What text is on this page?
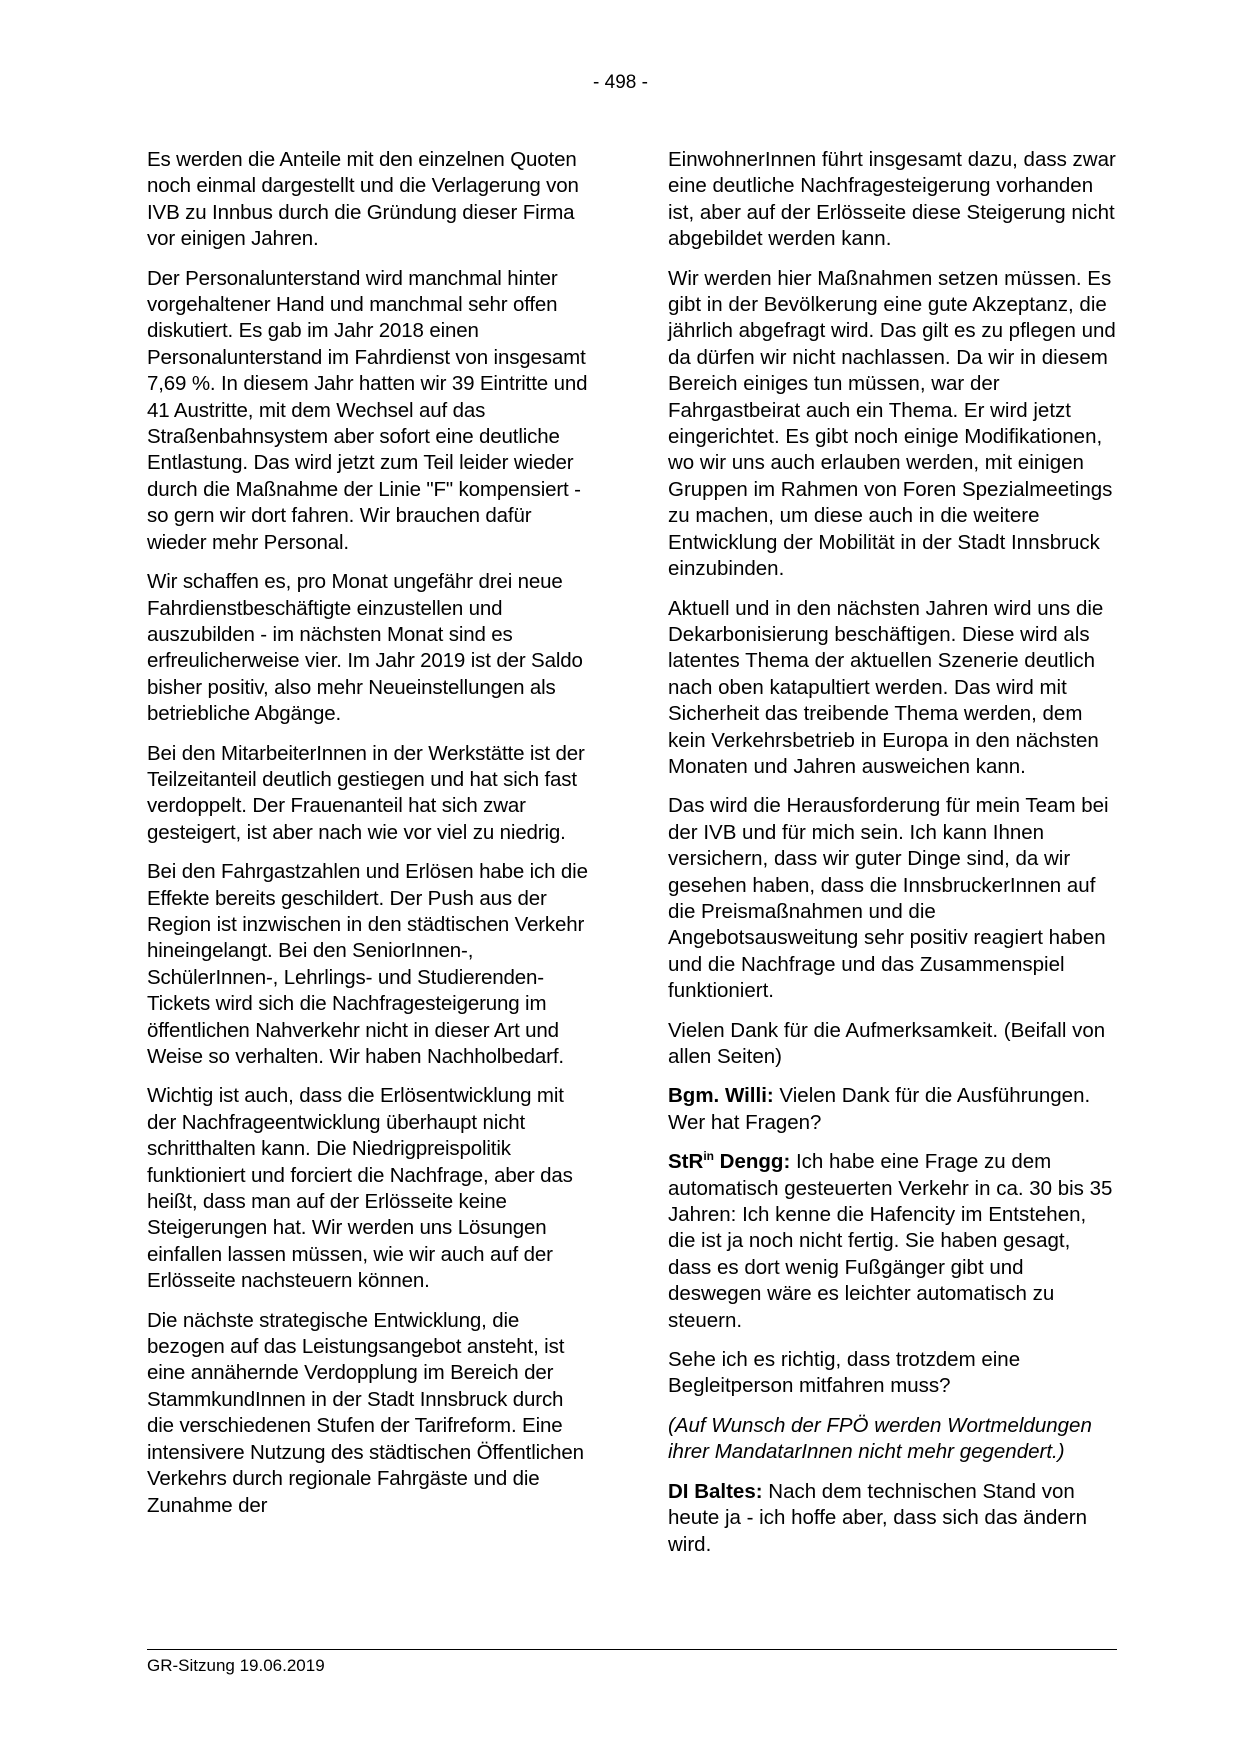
- 498 -

Es werden die Anteile mit den einzelnen Quoten noch einmal dargestellt und die Verlagerung von IVB zu Innbus durch die Gründung dieser Firma vor einigen Jahren.

Der Personalunterstand wird manchmal hinter vorgehaltener Hand und manchmal sehr offen diskutiert. Es gab im Jahr 2018 einen Personalunterstand im Fahrdienst von insgesamt 7,69 %. In diesem Jahr hatten wir 39 Eintritte und 41 Austritte, mit dem Wechsel auf das Straßenbahnsystem aber sofort eine deutliche Entlastung. Das wird jetzt zum Teil leider wieder durch die Maßnahme der Linie "F" kompensiert - so gern wir dort fahren. Wir brauchen dafür wieder mehr Personal.

Wir schaffen es, pro Monat ungefähr drei neue Fahrdienstbeschäftigte einzustellen und auszubilden - im nächsten Monat sind es erfreulicherweise vier. Im Jahr 2019 ist der Saldo bisher positiv, also mehr Neueinstellungen als betriebliche Abgänge.

Bei den MitarbeiterInnen in der Werkstätte ist der Teilzeitanteil deutlich gestiegen und hat sich fast verdoppelt. Der Frauenanteil hat sich zwar gesteigert, ist aber nach wie vor viel zu niedrig.

Bei den Fahrgastzahlen und Erlösen habe ich die Effekte bereits geschildert. Der Push aus der Region ist inzwischen in den städtischen Verkehr hineingelangt. Bei den SeniorInnen-, SchülerInnen-, Lehrlings- und Studierenden-Tickets wird sich die Nachfragesteigerung im öffentlichen Nahverkehr nicht in dieser Art und Weise so verhalten. Wir haben Nachholbedarf.

Wichtig ist auch, dass die Erlösentwicklung mit der Nachfrageentwicklung überhaupt nicht schritthalten kann. Die Niedrigpreispolitik funktioniert und forciert die Nachfrage, aber das heißt, dass man auf der Erlösseite keine Steigerungen hat. Wir werden uns Lösungen einfallen lassen müssen, wie wir auch auf der Erlösseite nachsteuern können.

Die nächste strategische Entwicklung, die bezogen auf das Leistungsangebot ansteht, ist eine annähernde Verdopplung im Bereich der StammkundInnen in der Stadt Innsbruck durch die verschiedenen Stufen der Tarifreform. Eine intensivere Nutzung des städtischen Öffentlichen Verkehrs durch regionale Fahrgäste und die Zunahme der

EinwohnerInnen führt insgesamt dazu, dass zwar eine deutliche Nachfragesteigerung vorhanden ist, aber auf der Erlösseite diese Steigerung nicht abgebildet werden kann.

Wir werden hier Maßnahmen setzen müssen. Es gibt in der Bevölkerung eine gute Akzeptanz, die jährlich abgefragt wird. Das gilt es zu pflegen und da dürfen wir nicht nachlassen. Da wir in diesem Bereich einiges tun müssen, war der Fahrgastbeirat auch ein Thema. Er wird jetzt eingerichtet. Es gibt noch einige Modifikationen, wo wir uns auch erlauben werden, mit einigen Gruppen im Rahmen von Foren Spezialmeetings zu machen, um diese auch in die weitere Entwicklung der Mobilität in der Stadt Innsbruck einzubinden.

Aktuell und in den nächsten Jahren wird uns die Dekarbonisierung beschäftigen. Diese wird als latentes Thema der aktuellen Szenerie deutlich nach oben katapultiert werden. Das wird mit Sicherheit das treibende Thema werden, dem kein Verkehrsbetrieb in Europa in den nächsten Monaten und Jahren ausweichen kann.

Das wird die Herausforderung für mein Team bei der IVB und für mich sein. Ich kann Ihnen versichern, dass wir guter Dinge sind, da wir gesehen haben, dass die InnsbruckerInnen auf die Preismaßnahmen und die Angebotsausweitung sehr positiv reagiert haben und die Nachfrage und das Zusammenspiel funktioniert.

Vielen Dank für die Aufmerksamkeit. (Beifall von allen Seiten)

Bgm. Willi: Vielen Dank für die Ausführungen. Wer hat Fragen?

StR$^{in}$ Dengg: Ich habe eine Frage zu dem automatisch gesteuerten Verkehr in ca. 30 bis 35 Jahren: Ich kenne die Hafencity im Entstehen, die ist ja noch nicht fertig. Sie haben gesagt, dass es dort wenig Fußgänger gibt und deswegen wäre es leichter automatisch zu steuern.

Sehe ich es richtig, dass trotzdem eine Begleitperson mitfahren muss?

(Auf Wunsch der FPÖ werden Wortmeldungen ihrer MandatarInnen nicht mehr gegendert.)

DI Baltes: Nach dem technischen Stand von heute ja - ich hoffe aber, dass sich das ändern wird.

GR-Sitzung 19.06.2019
